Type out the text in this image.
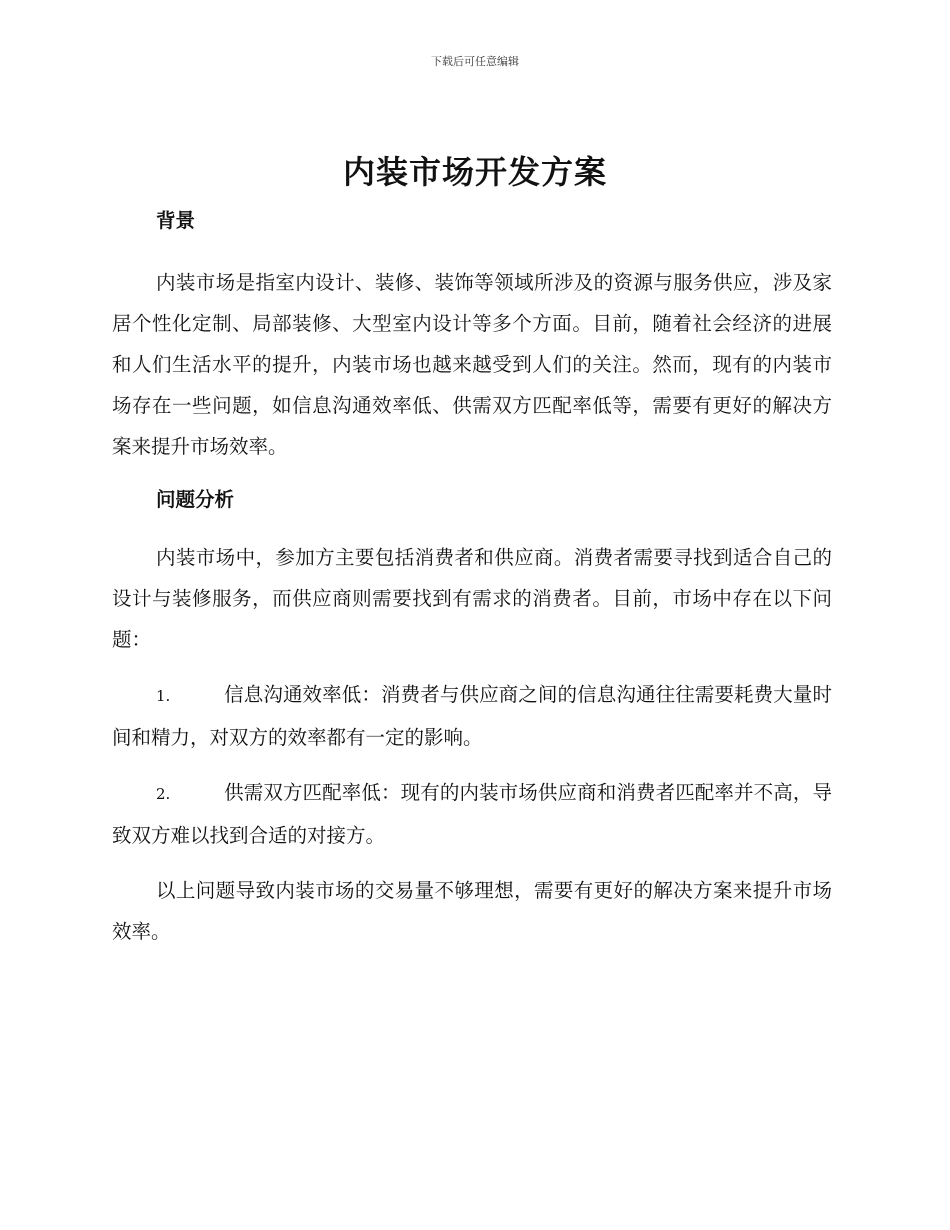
下载后可任意编辑
内装市场开发方案
背景

内装市场是指室内设计、装修、装饰等领域所涉及的资源与服务供应，涉及家居个性化定制、局部装修、大型室内设计等多个方面。目前，随着社会经济的进展和人们生活水平的提升，内装市场也越来越受到人们的关注。然而，现有的内装市场存在一些问题，如信息沟通效率低、供需双方匹配率低等，需要有更好的解决方案来提升市场效率。

问题分析

内装市场中，参加方主要包括消费者和供应商。消费者需要寻找到适合自己的设计与装修服务，而供应商则需要找到有需求的消费者。目前，市场中存在以下问题：

1.	信息沟通效率低：消费者与供应商之间的信息沟通往往需要耗费大量时间和精力，对双方的效率都有一定的影响。

2.	供需双方匹配率低：现有的内装市场供应商和消费者匹配率并不高，导致双方难以找到合适的对接方。

以上问题导致内装市场的交易量不够理想，需要有更好的解决方案来提升市场效率。
